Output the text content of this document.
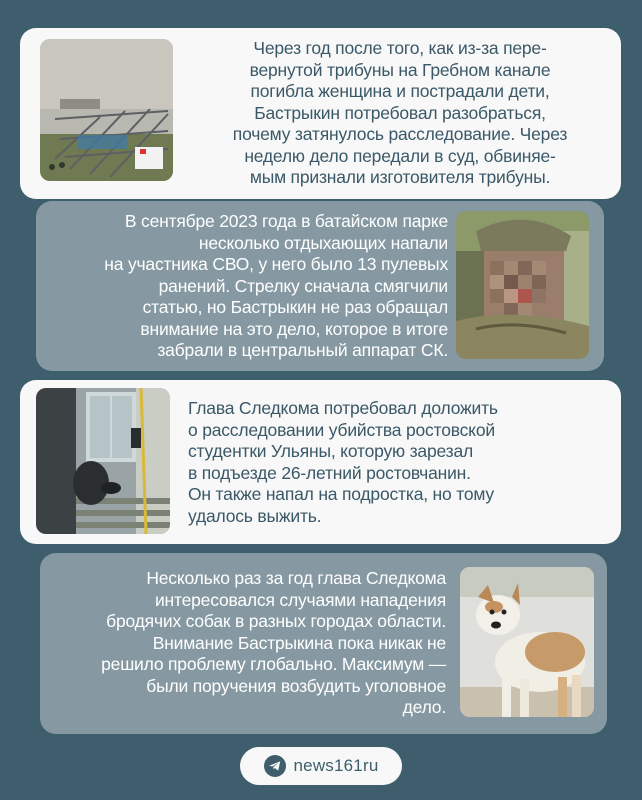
Через год после того, как из-за пере-
вернутой трибуны на Гребном канале
погибла женщина и пострадали дети,
Бастрыкин потребовал разобраться,
почему затянулось расследование. Через
неделю дело передали в суд, обвиняе-
мым признали изготовителя трибуны.
В сентябре 2023 года в батайском парке
несколько отдыхающих напали
на участника СВО, у него было 13 пулевых
ранений. Стрелку сначала смягчили
статью, но Бастрыкин не раз обращал
внимание на это дело, которое в итоге
забрали в центральный аппарат СК.
Глава Следкома потребовал доложить
о расследовании убийства ростовской
студентки Ульяны, которую зарезал
в подъезде 26-летний ростовчанин.
Он также напал на подростка, но тому
удалось выжить.
Несколько раз за год глава Следкома
интересовался случаями нападения
бродячих собак в разных городах области.
Внимание Бастрыкина пока никак не
решило проблему глобально. Максимум —
были поручения возбудить уголовное
дело.
news161ru
